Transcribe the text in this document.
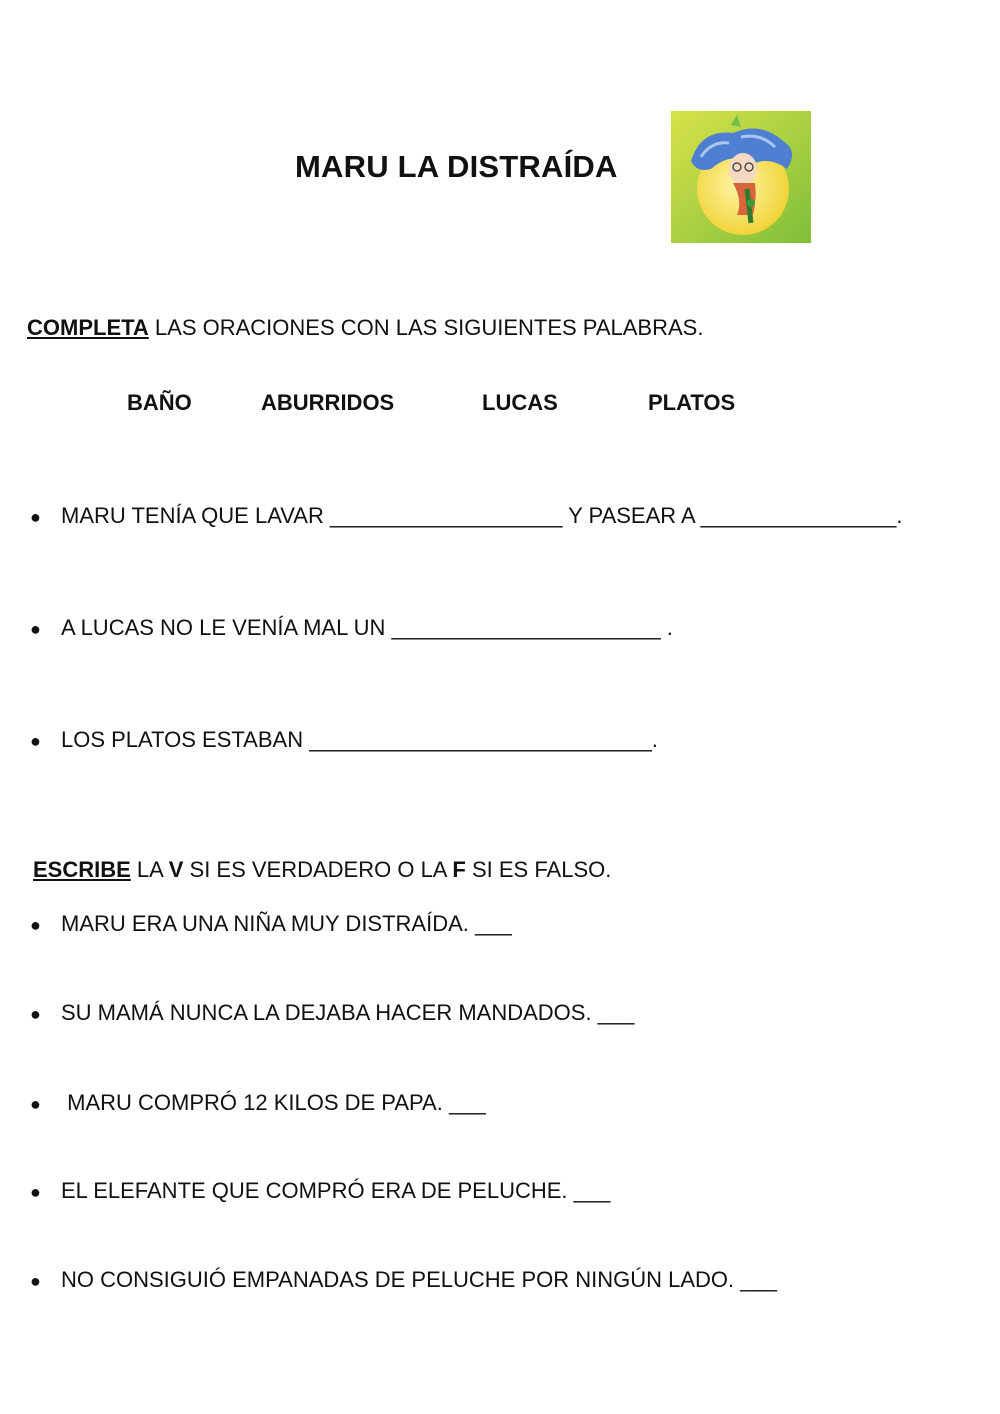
MARU LA DISTRAÍDA
COMPLETA LAS ORACIONES CON LAS SIGUIENTES PALABRAS.
BAÑO	ABURRIDOS	LUCAS	PLATOS
● MARU TENÍA QUE LAVAR ___________________ Y PASEAR A ________________.
● A LUCAS NO LE VENÍA MAL UN ______________________ .
● LOS PLATOS ESTABAN ____________________________.
ESCRIBE LA V SI ES VERDADERO O LA F SI ES FALSO.
● MARU ERA UNA NIÑA MUY DISTRAÍDA. ___
● SU MAMÁ NUNCA LA DEJABA HACER MANDADOS. ___
● MARU COMPRÓ 12 KILOS DE PAPA. ___
● EL ELEFANTE QUE COMPRÓ ERA DE PELUCHE. ___
● NO CONSIGUIÓ EMPANADAS DE PELUCHE POR NINGÚN LADO. ___
